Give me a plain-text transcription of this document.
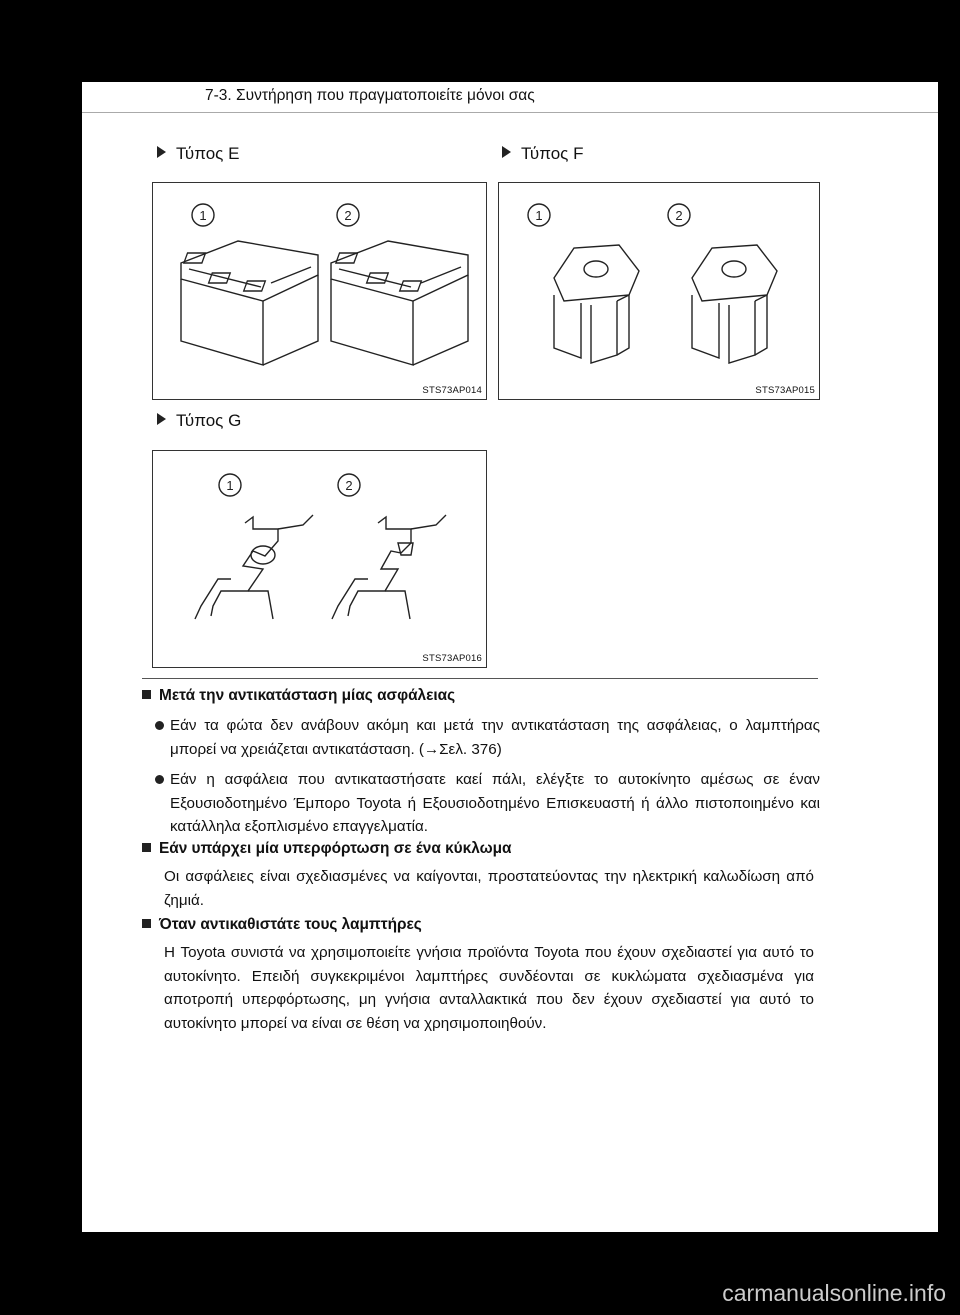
7-3. Συντήρηση που πραγματοποιείτε μόνοι σας
Τύπος E	Τύπος F
1	2
STS73AP014
1	2
STS73AP015
Τύπος G
1	2
STS73AP016
Μετά την αντικατάσταση μίας ασφάλειας
Εάν τα φώτα δεν ανάβουν ακόμη και μετά την αντικατάσταση της ασφάλειας, ο λαμπτήρας μπορεί να χρειάζεται αντικατάσταση. (→Σελ. 376)
Εάν η ασφάλεια που αντικαταστήσατε καεί πάλι, ελέγξτε το αυτοκίνητο αμέσως σε έναν Εξουσιοδοτημένο Έμπορο Toyota ή Εξουσιοδοτημένο Επισκευαστή ή άλλο πιστοποιημένο και κατάλληλα εξοπλισμένο επαγγελματία.
Εάν υπάρχει μία υπερφόρτωση σε ένα κύκλωμα
Οι ασφάλειες είναι σχεδιασμένες να καίγονται, προστατεύοντας την ηλεκτρική καλωδίωση από ζημιά.
Όταν αντικαθιστάτε τους λαμπτήρες
Η Toyota συνιστά να χρησιμοποιείτε γνήσια προϊόντα Toyota που έχουν σχεδιαστεί για αυτό το αυτοκίνητο. Επειδή συγκεκριμένοι λαμπτήρες συνδέονται σε κυκλώματα σχεδιασμένα για αποτροπή υπερφόρτωσης, μη γνήσια ανταλλακτικά που δεν έχουν σχεδιαστεί για αυτό το αυτοκίνητο μπορεί να είναι σε θέση να χρησιμοποιηθούν.
carmanualsonline.info
